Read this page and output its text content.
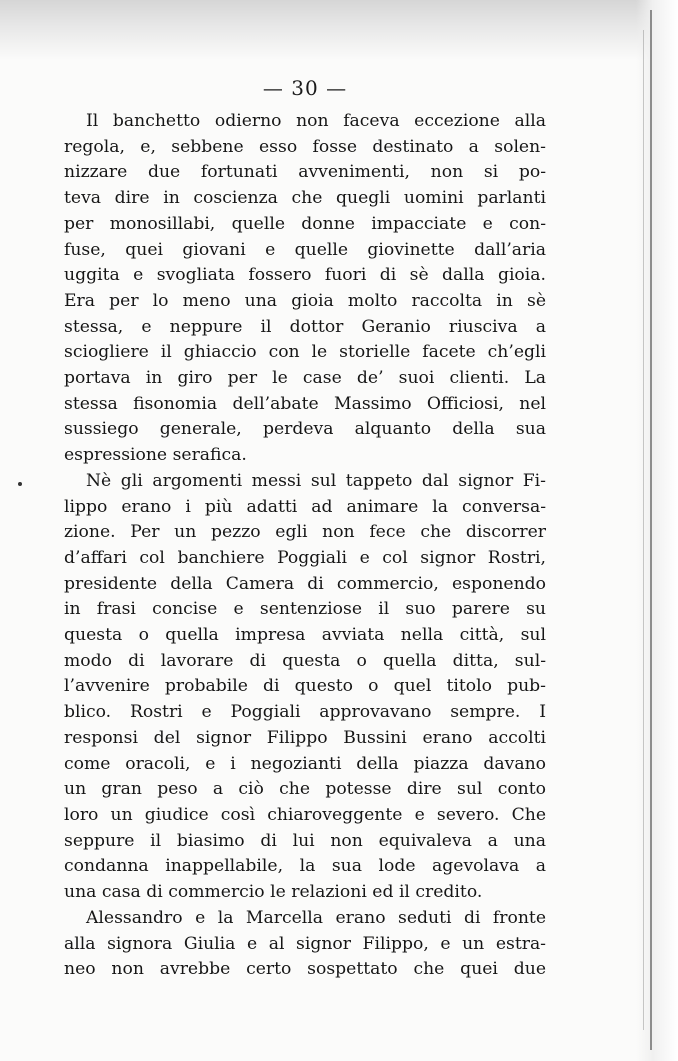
— 30 —

Il banchetto odierno non faceva eccezione alla
regola, e, sebbene esso fosse destinato a solen-
nizzare due fortunati avvenimenti, non si po-
teva dire in coscienza che quegli uomini parlanti
per monosillabi, quelle donne impacciate e con-
fuse, quei giovani e quelle giovinette dall’aria
uggita e svogliata fossero fuori di sè dalla gioia.
Era per lo meno una gioia molto raccolta in sè
stessa, e neppure il dottor Geranio riusciva a
sciogliere il ghiaccio con le storielle facete ch’egli
portava in giro per le case de’ suoi clienti. La
stessa fisonomia dell’abate Massimo Officiosi, nel
sussiego generale, perdeva alquanto della sua
espressione serafica.

Nè gli argomenti messi sul tappeto dal signor Fi-
lippo erano i più adatti ad animare la conversa-
zione. Per un pezzo egli non fece che discorrer
d’affari col banchiere Poggiali e col signor Rostri,
presidente della Camera di commercio, esponendo
in frasi concise e sentenziose il suo parere su
questa o quella impresa avviata nella città, sul
modo di lavorare di questa o quella ditta, sul-
l’avvenire probabile di questo o quel titolo pub-
blico. Rostri e Poggiali approvavano sempre. I
responsi del signor Filippo Bussini erano accolti
come oracoli, e i negozianti della piazza davano
un gran peso a ciò che potesse dire sul conto
loro un giudice così chiaroveggente e severo. Che
seppure il biasimo di lui non equivaleva a una
condanna inappellabile, la sua lode agevolava a
una casa di commercio le relazioni ed il credito.

Alessandro e la Marcella erano seduti di fronte
alla signora Giulia e al signor Filippo, e un estra-
neo non avrebbe certo sospettato che quei due
